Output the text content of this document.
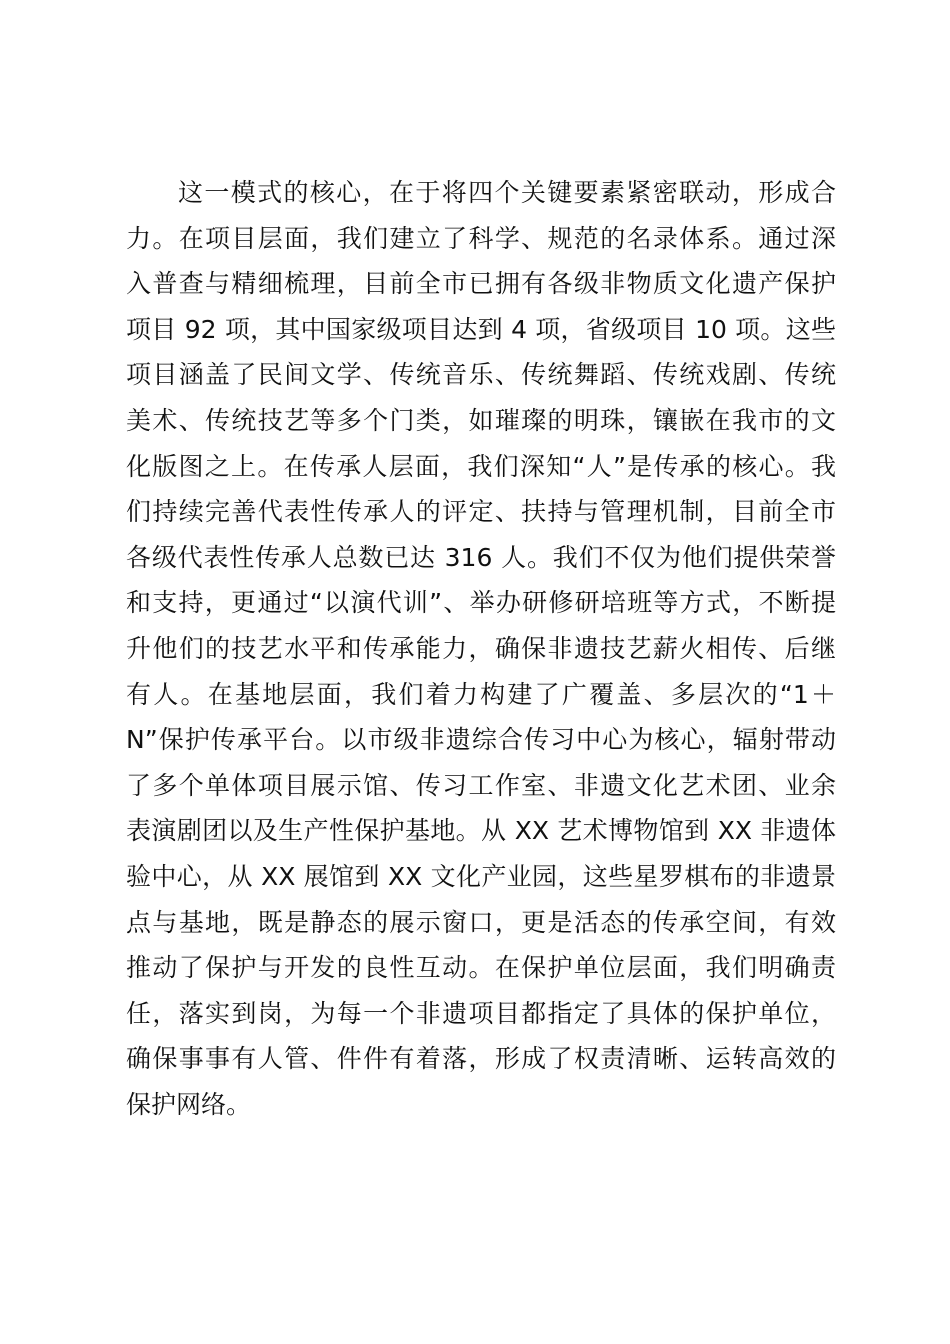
这一模式的核心，在于将四个关键要素紧密联动，形成合
力。在项目层面，我们建立了科学、规范的名录体系。通过深
入普查与精细梳理，目前全市已拥有各级非物质文化遗产保护
项目 92 项，其中国家级项目达到 4 项，省级项目 10 项。这些
项目涵盖了民间文学、传统音乐、传统舞蹈、传统戏剧、传统
美术、传统技艺等多个门类，如璀璨的明珠，镶嵌在我市的文
化版图之上。在传承人层面，我们深知“人”是传承的核心。我
们持续完善代表性传承人的评定、扶持与管理机制，目前全市
各级代表性传承人总数已达 316 人。我们不仅为他们提供荣誉
和支持，更通过“以演代训”、举办研修研培班等方式，不断提
升他们的技艺水平和传承能力，确保非遗技艺薪火相传、后继
有人。在基地层面，我们着力构建了广覆盖、多层次的“1＋
N”保护传承平台。以市级非遗综合传习中心为核心，辐射带动
了多个单体项目展示馆、传习工作室、非遗文化艺术团、业余
表演剧团以及生产性保护基地。从 XX 艺术博物馆到 XX 非遗体
验中心，从 XX 展馆到 XX 文化产业园，这些星罗棋布的非遗景
点与基地，既是静态的展示窗口，更是活态的传承空间，有效
推动了保护与开发的良性互动。在保护单位层面，我们明确责
任，落实到岗，为每一个非遗项目都指定了具体的保护单位，
确保事事有人管、件件有着落，形成了权责清晰、运转高效的
保护网络。
